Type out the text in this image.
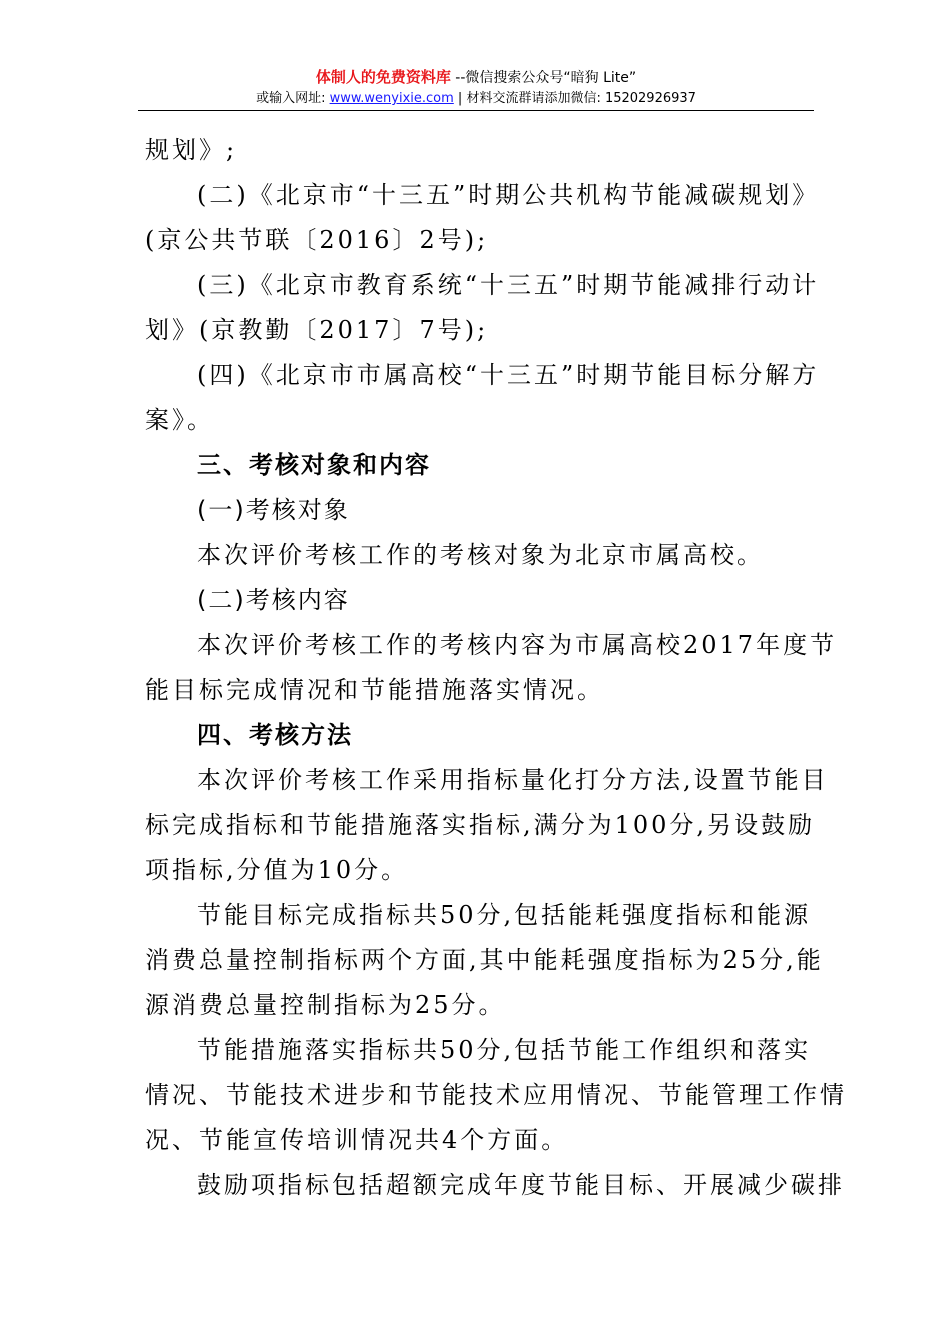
体制人的免费资料库 --微信搜索公众号“暗狗 Lite”
或输入网址: www.wenyixie.com | 材料交流群请添加微信: 15202926937

规划》;

(二)《北京市“十三五”时期公共机构节能减碳规划》

(京公共节联〔2016〕2号);

(三)《北京市教育系统“十三五”时期节能减排行动计

划》(京教勤〔2017〕7号);

(四)《北京市市属高校“十三五”时期节能目标分解方

案》。

三、考核对象和内容

(一)考核对象

本次评价考核工作的考核对象为北京市属高校。

(二)考核内容

本次评价考核工作的考核内容为市属高校2017年度节

能目标完成情况和节能措施落实情况。

四、考核方法

本次评价考核工作采用指标量化打分方法,设置节能目

标完成指标和节能措施落实指标,满分为100分,另设鼓励

项指标,分值为10分。

节能目标完成指标共50分,包括能耗强度指标和能源

消费总量控制指标两个方面,其中能耗强度指标为25分,能

源消费总量控制指标为25分。

节能措施落实指标共50分,包括节能工作组织和落实

情况、节能技术进步和节能技术应用情况、节能管理工作情

况、节能宣传培训情况共4个方面。

鼓励项指标包括超额完成年度节能目标、开展减少碳排
